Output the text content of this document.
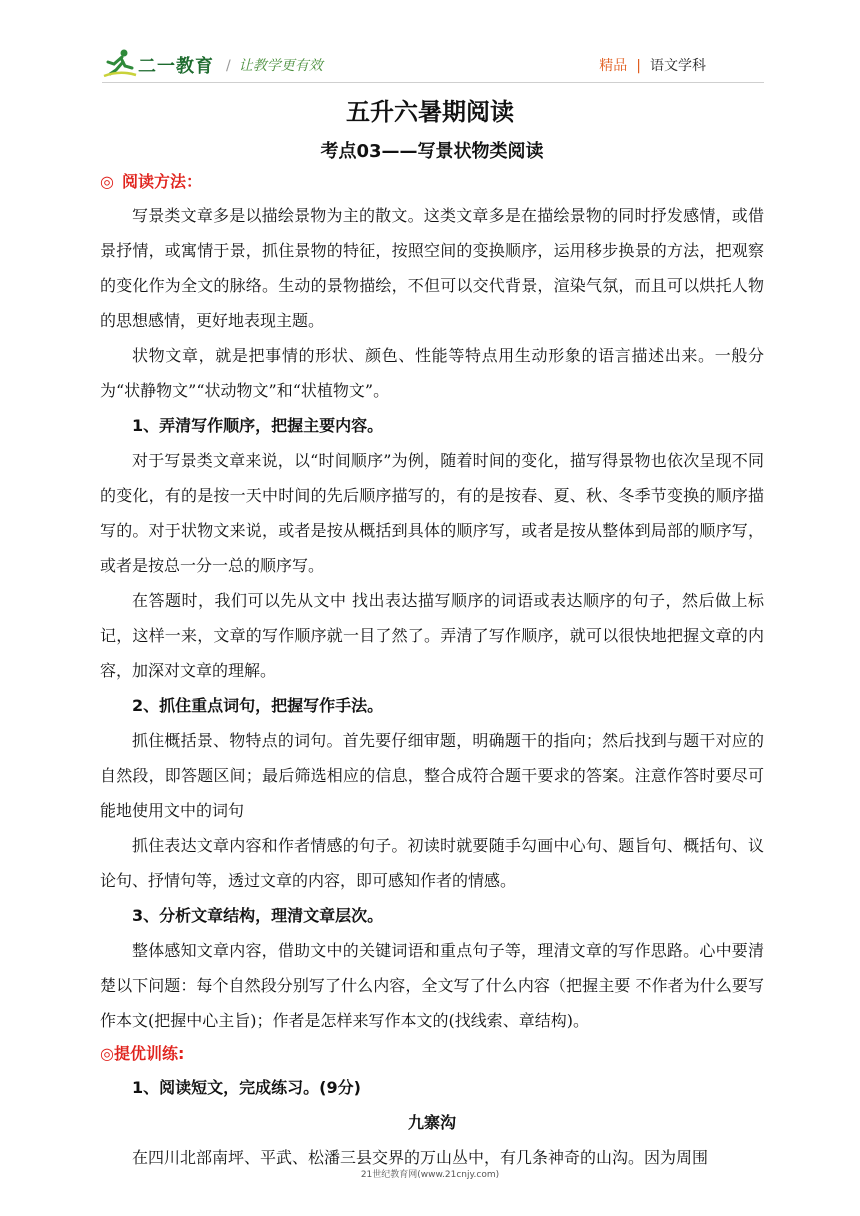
二一教育 / 让教学更有效	精品 | 语文学科
五升六暑期阅读
考点03——写景状物类阅读
◎ 阅读方法：

写景类文章多是以描绘景物为主的散文。这类文章多是在描绘景物的同时抒发感情，或借景抒情，或寓情于景，抓住景物的特征，按照空间的变换顺序，运用移步换景的方法，把观察的变化作为全文的脉络。生动的景物描绘，不但可以交代背景，渲染气氛，而且可以烘托人物的思想感情，更好地表现主题。

状物文章，就是把事情的形状、颜色、性能等特点用生动形象的语言描述出来。一般分为“状静物文”“状动物文”和“状植物文”。

1、弄清写作顺序，把握主要内容。

对于写景类文章来说，以“时间顺序”为例，随着时间的变化，描写得景物也依次呈现不同的变化，有的是按一天中时间的先后顺序描写的，有的是按春、夏、秋、冬季节变换的顺序描写的。对于状物文来说，或者是按从概括到具体的顺序写，或者是按从整体到局部的顺序写，或者是按总一分一总的顺序写。

在答题时，我们可以先从文中 找出表达描写顺序的词语或表达顺序的句子，然后做上标记，这样一来，文章的写作顺序就一目了然了。弄清了写作顺序，就可以很快地把握文章的内容，加深对文章的理解。

2、抓住重点词句，把握写作手法。

抓住概括景、物特点的词句。首先要仔细审题，明确题干的指向；然后找到与题干对应的自然段，即答题区间；最后筛选相应的信息，整合成符合题干要求的答案。注意作答时要尽可能地使用文中的词句

抓住表达文章内容和作者情感的句子。初读时就要随手勾画中心句、题旨句、概括句、议论句、抒情句等，透过文章的内容，即可感知作者的情感。

3、分析文章结构，理清文章层次。

整体感知文章内容，借助文中的关键词语和重点句子等，理清文章的写作思路。心中要清楚以下问题：每个自然段分别写了什么内容，全文写了什么内容（把握主要 不作者为什么要写作本文(把握中心主旨)；作者是怎样来写作本文的(找线索、章结构)。

◎提优训练:

1、阅读短文，完成练习。(9分)

九寨沟

在四川北部南坪、平武、松潘三县交界的万山丛中，有几条神奇的山沟。因为周围

21世纪教育网(www.21cnjy.com)
